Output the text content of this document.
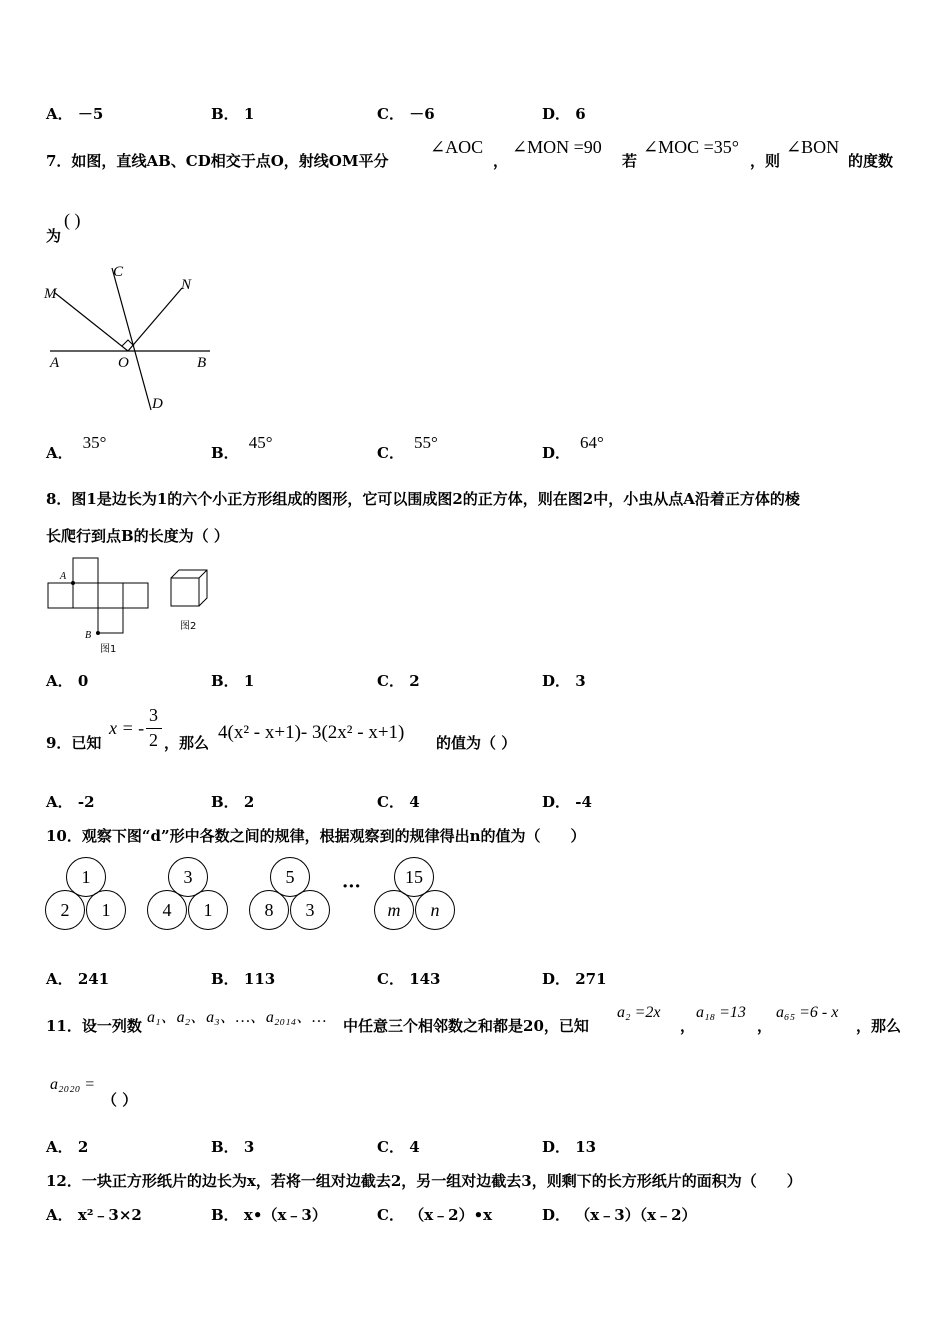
A． －5	B． 1	C． －6	D． 6
7．如图，直线AB、CD相交于点O，射线OM平分
∠AOC
，
∠MON =90
若
∠MOC =35°
，则
∠BON
的度数
为
( )
M
C
N
A	O	B
D
A．35°
B．45°
C．55°
D．64°
8．图1是边长为1的六个小正方形组成的图形，它可以围成图2的正方体，则在图2中，小虫从点A沿着正方体的棱
长爬行到点B的长度为（ ）
A
B
图1
图2
A． 0	B． 1	C． 2	D． 3
9．已知
x = -
3
2 ，那么 4(x² - x+1)- 3(2x² - x+1) 的值为（ ）
A． -2	B． 2	C． 4	D． -4
10．观察下图“d”形中各数之间的规律，根据观察到的规律得出n的值为（　　）
1
2	1
3
4	1
5
8	3
···	15
m	n
A． 241	B． 113	C． 143	D． 271
11．设一列数 a₁、a₂、a₃、…、a₂₀₁₄、… 中任意三个相邻数之和都是20，已知
a₂ =2x
，
a₁₈ =13
，
a₆₅ =6 - x
，那么
a₂₀₂₀ =
（ ）
A． 2	B． 3	C． 4	D． 13
12．一块正方形纸片的边长为x，若将一组对边截去2，另一组对边截去3，则剩下的长方形纸片的面积为（　　）
A． x²﹣3×2	B． x•（x﹣3）	C． （x﹣2）•x	D． （x﹣3）（x﹣2）
